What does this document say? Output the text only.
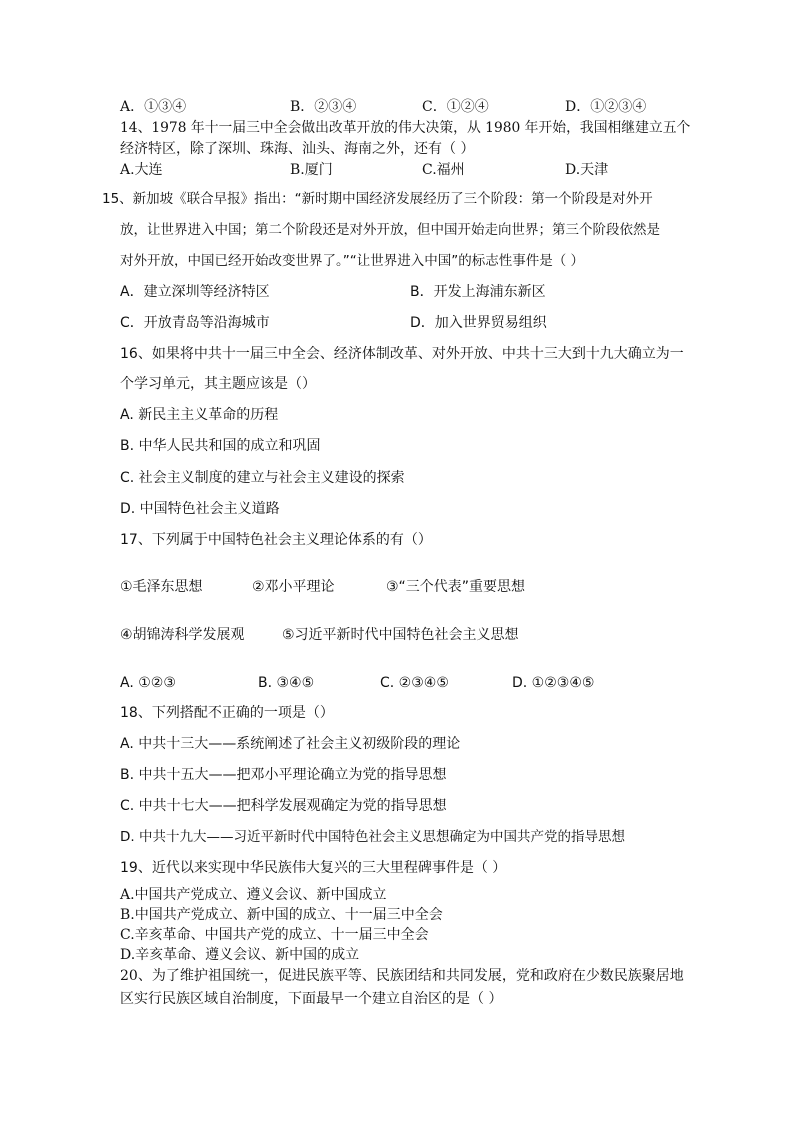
A．①③④	B．②③④	C．①②④	D．①②③④
14、1978 年十一届三中全会做出改革开放的伟大决策，从 1980 年开始，我国相继建立五个
经济特区，除了深圳、珠海、汕头、海南之外，还有（ ）
A.大连	B.厦门	C.福州	D.天津
15、新加坡《联合早报》指出：“新时期中国经济发展经历了三个阶段：第一个阶段是对外开
放，让世界进入中国；第二个阶段还是对外开放，但中国开始走向世界；第三个阶段依然是
对外开放，中国已经开始改变世界了。”“让世界进入中国”的标志性事件是（ ）
A．建立深圳等经济特区	B．开发上海浦东新区
C．开放青岛等沿海城市	D．加入世界贸易组织
16、如果将中共十一届三中全会、经济体制改革、对外开放、中共十三大到十九大确立为一
个学习单元，其主题应该是（）
A. 新民主主义革命的历程
B. 中华人民共和国的成立和巩固
C. 社会主义制度的建立与社会主义建设的探索
D. 中国特色社会主义道路
17、下列属于中国特色社会主义理论体系的有（）
①毛泽东思想	②邓小平理论	③“三个代表”重要思想
④胡锦涛科学发展观	⑤习近平新时代中国特色社会主义思想
A. ①②③	B. ③④⑤	C. ②③④⑤	D. ①②③④⑤
18、下列搭配不正确的一项是（）
A. 中共十三大——系统阐述了社会主义初级阶段的理论
B. 中共十五大——把邓小平理论确立为党的指导思想
C. 中共十七大——把科学发展观确定为党的指导思想
D. 中共十九大——习近平新时代中国特色社会主义思想确定为中国共产党的指导思想
19、近代以来实现中华民族伟大复兴的三大里程碑事件是（ ）
A.中国共产党成立、遵义会议、新中国成立
B.中国共产党成立、新中国的成立、十一届三中全会
C.辛亥革命、中国共产党的成立、十一届三中全会
D.辛亥革命、遵义会议、新中国的成立
20、为了维护祖国统一，促进民族平等、民族团结和共同发展，党和政府在少数民族聚居地
区实行民族区域自治制度，下面最早一个建立自治区的是（ ）
